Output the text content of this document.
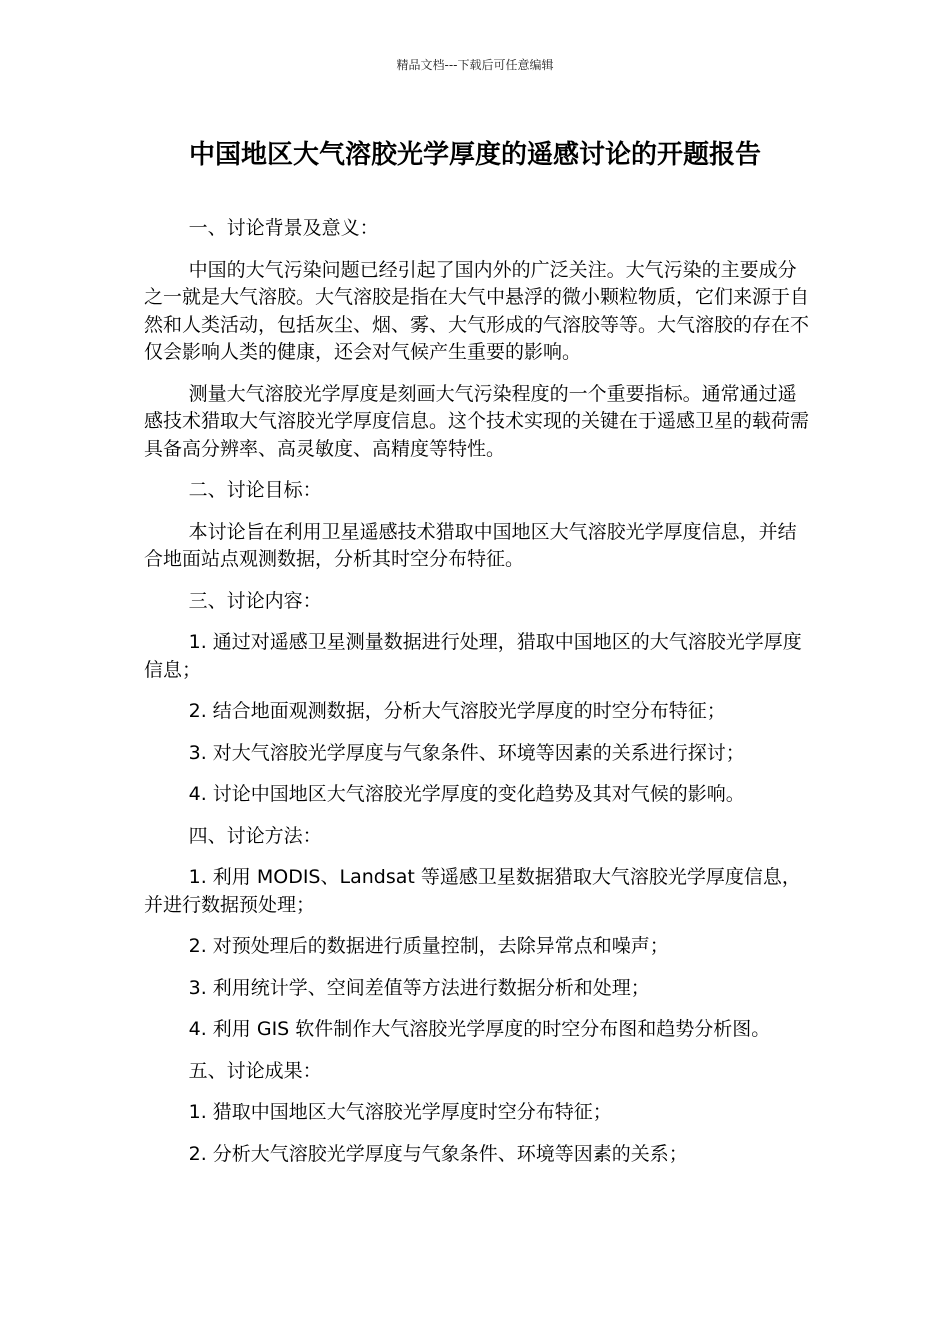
精品文档---下载后可任意编辑
中国地区大气溶胶光学厚度的遥感讨论的开题报告

一、讨论背景及意义：

中国的大气污染问题已经引起了国内外的广泛关注。大气污染的主要成分之一就是大气溶胶。大气溶胶是指在大气中悬浮的微小颗粒物质，它们来源于自然和人类活动，包括灰尘、烟、雾、大气形成的气溶胶等等。大气溶胶的存在不仅会影响人类的健康，还会对气候产生重要的影响。

测量大气溶胶光学厚度是刻画大气污染程度的一个重要指标。通常通过遥感技术猎取大气溶胶光学厚度信息。这个技术实现的关键在于遥感卫星的载荷需具备高分辨率、高灵敏度、高精度等特性。

二、讨论目标：

本讨论旨在利用卫星遥感技术猎取中国地区大气溶胶光学厚度信息，并结合地面站点观测数据，分析其时空分布特征。

三、讨论内容：

1. 通过对遥感卫星测量数据进行处理，猎取中国地区的大气溶胶光学厚度信息；

2. 结合地面观测数据，分析大气溶胶光学厚度的时空分布特征；

3. 对大气溶胶光学厚度与气象条件、环境等因素的关系进行探讨；

4. 讨论中国地区大气溶胶光学厚度的变化趋势及其对气候的影响。

四、讨论方法：

1. 利用 MODIS、Landsat 等遥感卫星数据猎取大气溶胶光学厚度信息，并进行数据预处理；

2. 对预处理后的数据进行质量控制，去除异常点和噪声；

3. 利用统计学、空间差值等方法进行数据分析和处理；

4. 利用 GIS 软件制作大气溶胶光学厚度的时空分布图和趋势分析图。

五、讨论成果：

1. 猎取中国地区大气溶胶光学厚度时空分布特征；

2. 分析大气溶胶光学厚度与气象条件、环境等因素的关系；
